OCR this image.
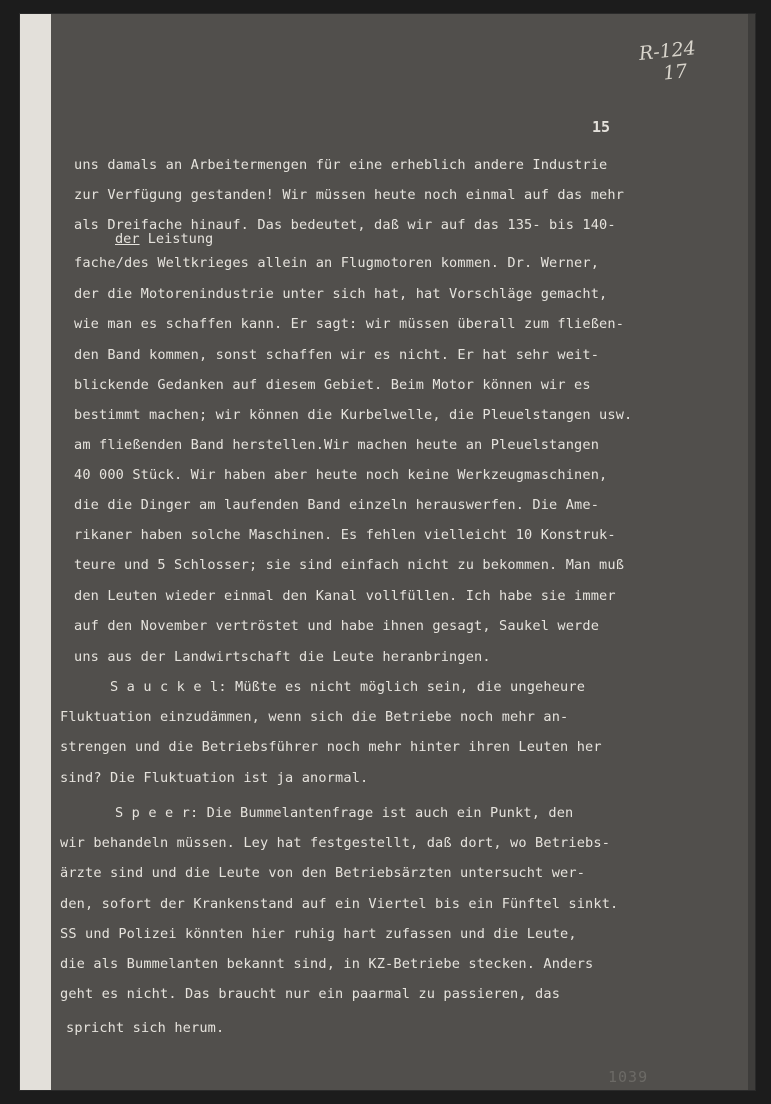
R-124
17
15
der Leistung
uns damals an Arbeitermengen für eine erheblich andere Industrie
zur Verfügung gestanden! Wir müssen heute noch einmal auf das mehr
als Dreifache hinauf. Das bedeutet, daß wir auf das 135- bis 140-
fache/des Weltkrieges allein an Flugmotoren kommen. Dr. Werner,
der die Motorenindustrie unter sich hat, hat Vorschläge gemacht,
wie man es schaffen kann. Er sagt: wir müssen überall zum fließen-
den Band kommen, sonst schaffen wir es nicht. Er hat sehr weit-
blickende Gedanken auf diesem Gebiet. Beim Motor können wir es
bestimmt machen; wir können die Kurbelwelle, die Pleuelstangen usw.
am fließenden Band herstellen.Wir machen heute an Pleuelstangen
40 000 Stück. Wir haben aber heute noch keine Werkzeugmaschinen,
die die Dinger am laufenden Band einzeln herauswerfen. Die Ame-
rikaner haben solche Maschinen. Es fehlen vielleicht 10 Konstruk-
teure und 5 Schlosser; sie sind einfach nicht zu bekommen. Man muß
den Leuten wieder einmal den Kanal vollfüllen. Ich habe sie immer
auf den November vertröstet und habe ihnen gesagt, Saukel werde
uns aus der Landwirtschaft die Leute heranbringen.
S a u c k e l: Müßte es nicht möglich sein, die ungeheure
Fluktuation einzudämmen, wenn sich die Betriebe noch mehr an-
strengen und die Betriebsführer noch mehr hinter ihren Leuten her
sind? Die Fluktuation ist ja anormal.
S p e e r: Die Bummelantenfrage ist auch ein Punkt, den
wir behandeln müssen. Ley hat festgestellt, daß dort, wo Betriebs-
ärzte sind und die Leute von den Betriebsärzten untersucht wer-
den, sofort der Krankenstand auf ein Viertel bis ein Fünftel sinkt.
SS und Polizei könnten hier ruhig hart zufassen und die Leute,
die als Bummelanten bekannt sind, in KZ-Betriebe stecken. Anders
geht es nicht. Das braucht nur ein paarmal zu passieren, das
spricht sich herum.
1039
